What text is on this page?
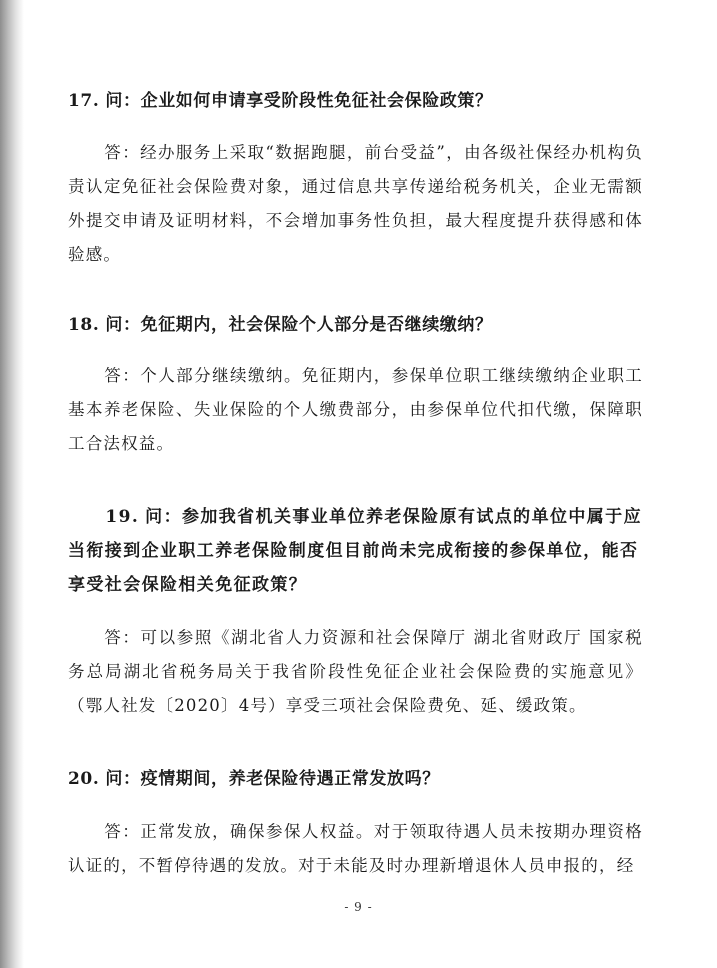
17. 问：企业如何申请享受阶段性免征社会保险政策？
答：经办服务上采取“数据跑腿，前台受益”，由各级社保经办机构负责认定免征社会保险费对象，通过信息共享传递给税务机关，企业无需额外提交申请及证明材料，不会增加事务性负担，最大程度提升获得感和体验感。
18. 问：免征期内，社会保险个人部分是否继续缴纳？
答：个人部分继续缴纳。免征期内，参保单位职工继续缴纳企业职工基本养老保险、失业保险的个人缴费部分，由参保单位代扣代缴，保障职工合法权益。
19. 问：参加我省机关事业单位养老保险原有试点的单位中属于应当衔接到企业职工养老保险制度但目前尚未完成衔接的参保单位，能否享受社会保险相关免征政策？
答：可以参照《湖北省人力资源和社会保障厅 湖北省财政厅 国家税务总局湖北省税务局关于我省阶段性免征企业社会保险费的实施意见》（鄂人社发〔2020〕4号）享受三项社会保险费免、延、缓政策。
20. 问：疫情期间，养老保险待遇正常发放吗？
答：正常发放，确保参保人权益。对于领取待遇人员未按期办理资格认证的，不暂停待遇的发放。对于未能及时办理新增退休人员申报的，经
- 9 -
